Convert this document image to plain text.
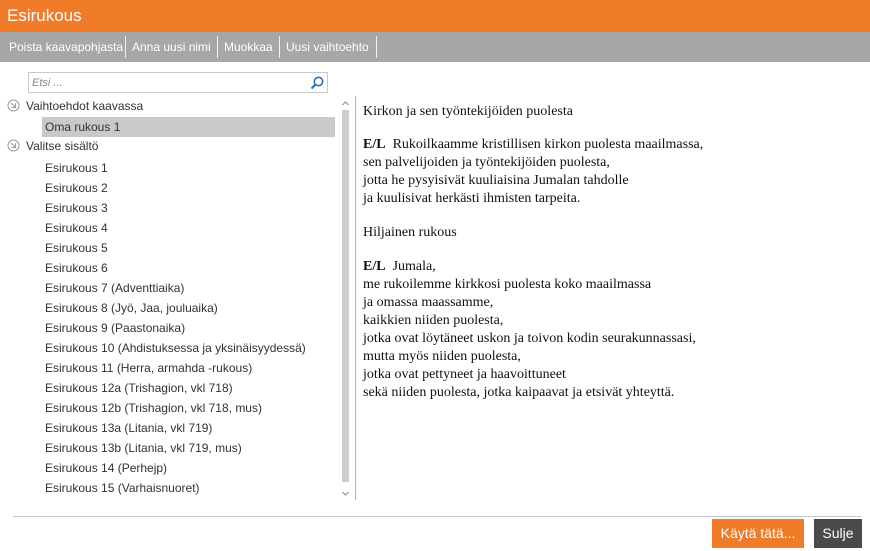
Esirukous
Poista kaavapohjasta Anna uusi nimi Muokkaa Uusi vaihtoehto
Etsi ...
Vaihtoehdot kaavassa
Oma rukous 1
Valitse sisältö
Esirukous 1
Esirukous 2
Esirukous 3
Esirukous 4
Esirukous 5
Esirukous 6
Esirukous 7 (Adventtiaika)
Esirukous 8 (Jyö, Jaa, jouluaika)
Esirukous 9 (Paastonaika)
Esirukous 10 (Ahdistuksessa ja yksinäisyydessä)
Esirukous 11 (Herra, armahda -rukous)
Esirukous 12a (Trishagion, vkl 718)
Esirukous 12b (Trishagion, vkl 718, mus)
Esirukous 13a (Litania, vkl 719)
Esirukous 13b (Litania, vkl 719, mus)
Esirukous 14 (Perhejp)
Esirukous 15 (Varhaisnuoret)
Kirkon ja sen työntekijöiden puolesta
E/L Rukoilkaamme kristillisen kirkon puolesta maailmassa,
sen palvelijoiden ja työntekijöiden puolesta,
jotta he pysyisivät kuuliaisina Jumalan tahdolle
ja kuulisivat herkästi ihmisten tarpeita.
Hiljainen rukous
E/L Jumala,
me rukoilemme kirkkosi puolesta koko maailmassa
ja omassa maassamme,
kaikkien niiden puolesta,
jotka ovat löytäneet uskon ja toivon kodin seurakunnassasi,
mutta myös niiden puolesta,
jotka ovat pettyneet ja haavoittuneet
sekä niiden puolesta, jotka kaipaavat ja etsivät yhteyttä.
Käytä tätä...	Sulje
